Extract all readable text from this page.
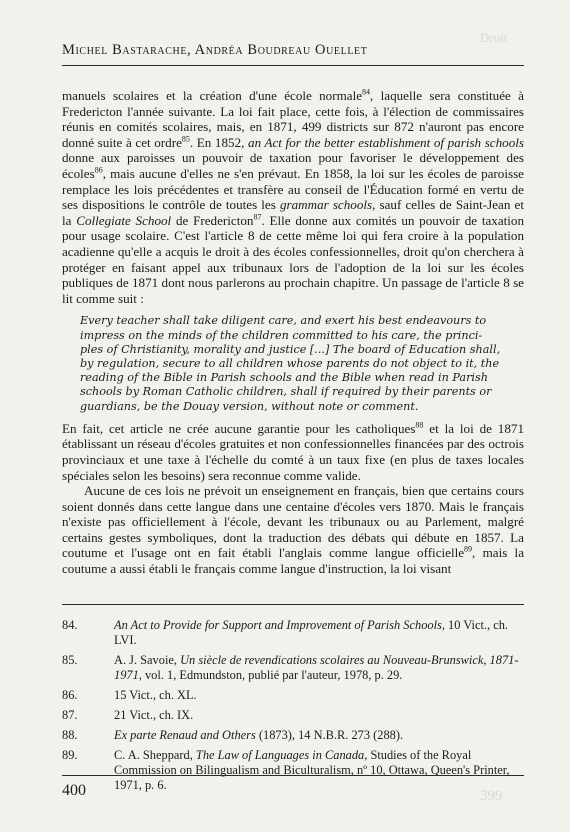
Droit
399
Michel Bastarache, Andréa Boudreau Ouellet

manuels scolaires et la création d'une école normale$^{84}$, laquelle sera constituée à Fredericton l'année suivante. La loi fait place, cette fois, à l'élection de commissaires réunis en comités scolaires, mais, en 1871, 499 districts sur 872 n'auront pas encore donné suite à cet ordre$^{85}$. En 1852, an Act for the better establishment of parish schools donne aux paroisses un pouvoir de taxation pour favoriser le développement des écoles$^{86}$, mais aucune d'elles ne s'en prévaut. En 1858, la loi sur les écoles de paroisse remplace les lois précédentes et transfère au conseil de l'Éducation formé en vertu de ses dispositions le contrôle de toutes les grammar schools, sauf celles de Saint-Jean et la Collegiate School de Fredericton$^{87}$. Elle donne aux comités un pouvoir de taxation pour usage scolaire. C'est l'article 8 de cette même loi qui fera croire à la population acadienne qu'elle a acquis le droit à des écoles confessionnelles, droit qu'on cherchera à protéger en faisant appel aux tribunaux lors de l'adoption de la loi sur les écoles publiques de 1871 dont nous parlerons au prochain chapitre. Un passage de l'article 8 se lit comme suit :

Every teacher shall take diligent care, and exert his best endeavours to
impress on the minds of the children committed to his care, the princi-
ples of Christianity, morality and justice [...] The board of Education shall,
by regulation, secure to all children whose parents do not object to it, the
reading of the Bible in Parish schools and the Bible when read in Parish
schools by Roman Catholic children, shall if required by their parents or
guardians, be the Douay version, without note or comment.

En fait, cet article ne crée aucune garantie pour les catholiques$^{88}$ et la loi de 1871 établissant un réseau d'écoles gratuites et non confessionnelles financées par des octrois provinciaux et une taxe à l'échelle du comté à un taux fixe (en plus de taxes locales spéciales selon les besoins) sera reconnue comme valide.

Aucune de ces lois ne prévoit un enseignement en français, bien que certains cours soient donnés dans cette langue dans une centaine d'écoles vers 1870. Mais le français n'existe pas officiellement à l'école, devant les tribunaux ou au Parlement, malgré certains gestes symboliques, dont la traduction des débats qui débute en 1857. La coutume et l'usage ont en fait établi l'anglais comme langue officielle$^{89}$, mais la coutume a aussi établi le français comme langue d'instruction, la loi visant

84.	An Act to Provide for Support and Improvement of Parish Schools, 10 Vict., ch. LVI.
85.	A. J. Savoie, Un siècle de revendications scolaires au Nouveau-Brunswick, 1871-1971, vol. 1, Edmundston, publié par l'auteur, 1978, p. 29.
86.	15 Vict., ch. XL.
87.	21 Vict., ch. IX.
88.	Ex parte Renaud and Others (1873), 14 N.B.R. 273 (288).
89.	C. A. Sheppard, The Law of Languages in Canada, Studies of the Royal Commission on Bilingualism and Biculturalism, nº 10, Ottawa, Queen's Printer, 1971, p. 6.
400
